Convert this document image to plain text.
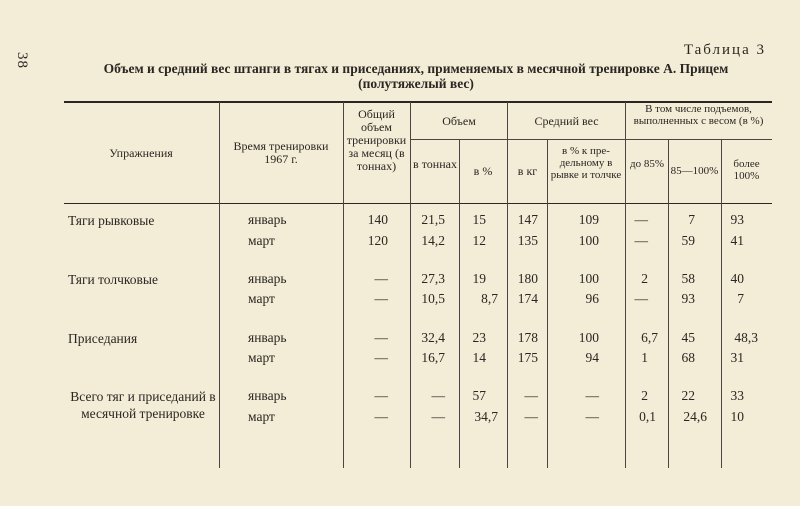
38
Таблица 3
Объем и средний вес штанги в тягах и приседаниях, применяемых в месячной тренировке А. Прицем
(полутяжелый вес)
Упражнения	Время тренировки 1967 г.
Общий объем тренировки за месяц (в тоннах)
Объем
в тоннах	в %
Средний вес
в кг
в % к предельному в рывке и толчке
В том числе подъемов, выполненных с весом (в %)
до 85%
85—100%
более 100%
Тяги рывковые	январь	140	21,5	15	147	109	—	7	93
март	120	14,2	12	135	100	—	59	41
Тяги толчковые	январь	—	27,3	19	180	100	2	58	40
март	—	10,5	8,7	174	96	—	93	7
Приседания	январь	—	32,4	23	178	100	6,7	45	48,3
март	—	16,7	14	175	94	1	68	31
Всего тяг и приседаний в месячной тренировке
январь	—	—	57	—	—	2	22	33
март	—	—	34,7	—	—	0,1	24,6	10
